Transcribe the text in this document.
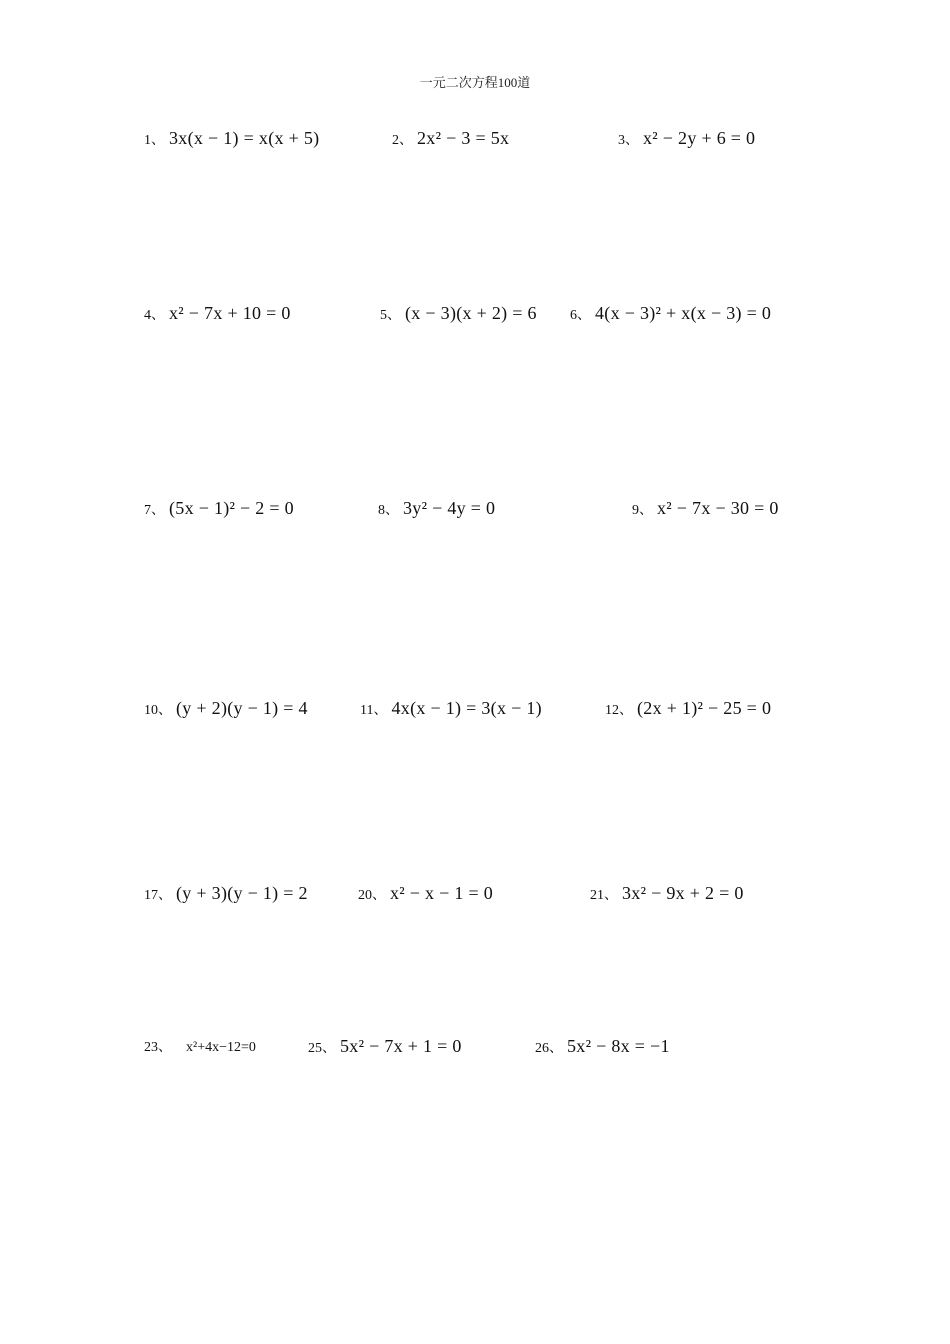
一元二次方程100道
1、 3x(x − 1) = x(x + 5)	2、 2x² − 3 = 5x	3、 x² − 2y + 6 = 0
4、 x² − 7x + 10 = 0	5、 (x − 3)(x + 2) = 6 6、 4(x − 3)² + x(x − 3) = 0
7、 (5x − 1)² − 2 = 0	8、 3y² − 4y = 0	9、 x² − 7x − 30 = 0
10、 (y + 2)(y − 1) = 4	11、 4x(x − 1) = 3(x − 1)	12、 (2x + 1)² − 25 = 0
17、 (y + 3)(y − 1) = 2	20、 x² − x − 1 = 0	21、 3x² − 9x + 2 = 0
23、 x²+4x−12=0	25、 5x² − 7x + 1 = 0	26、 5x² − 8x = −1
